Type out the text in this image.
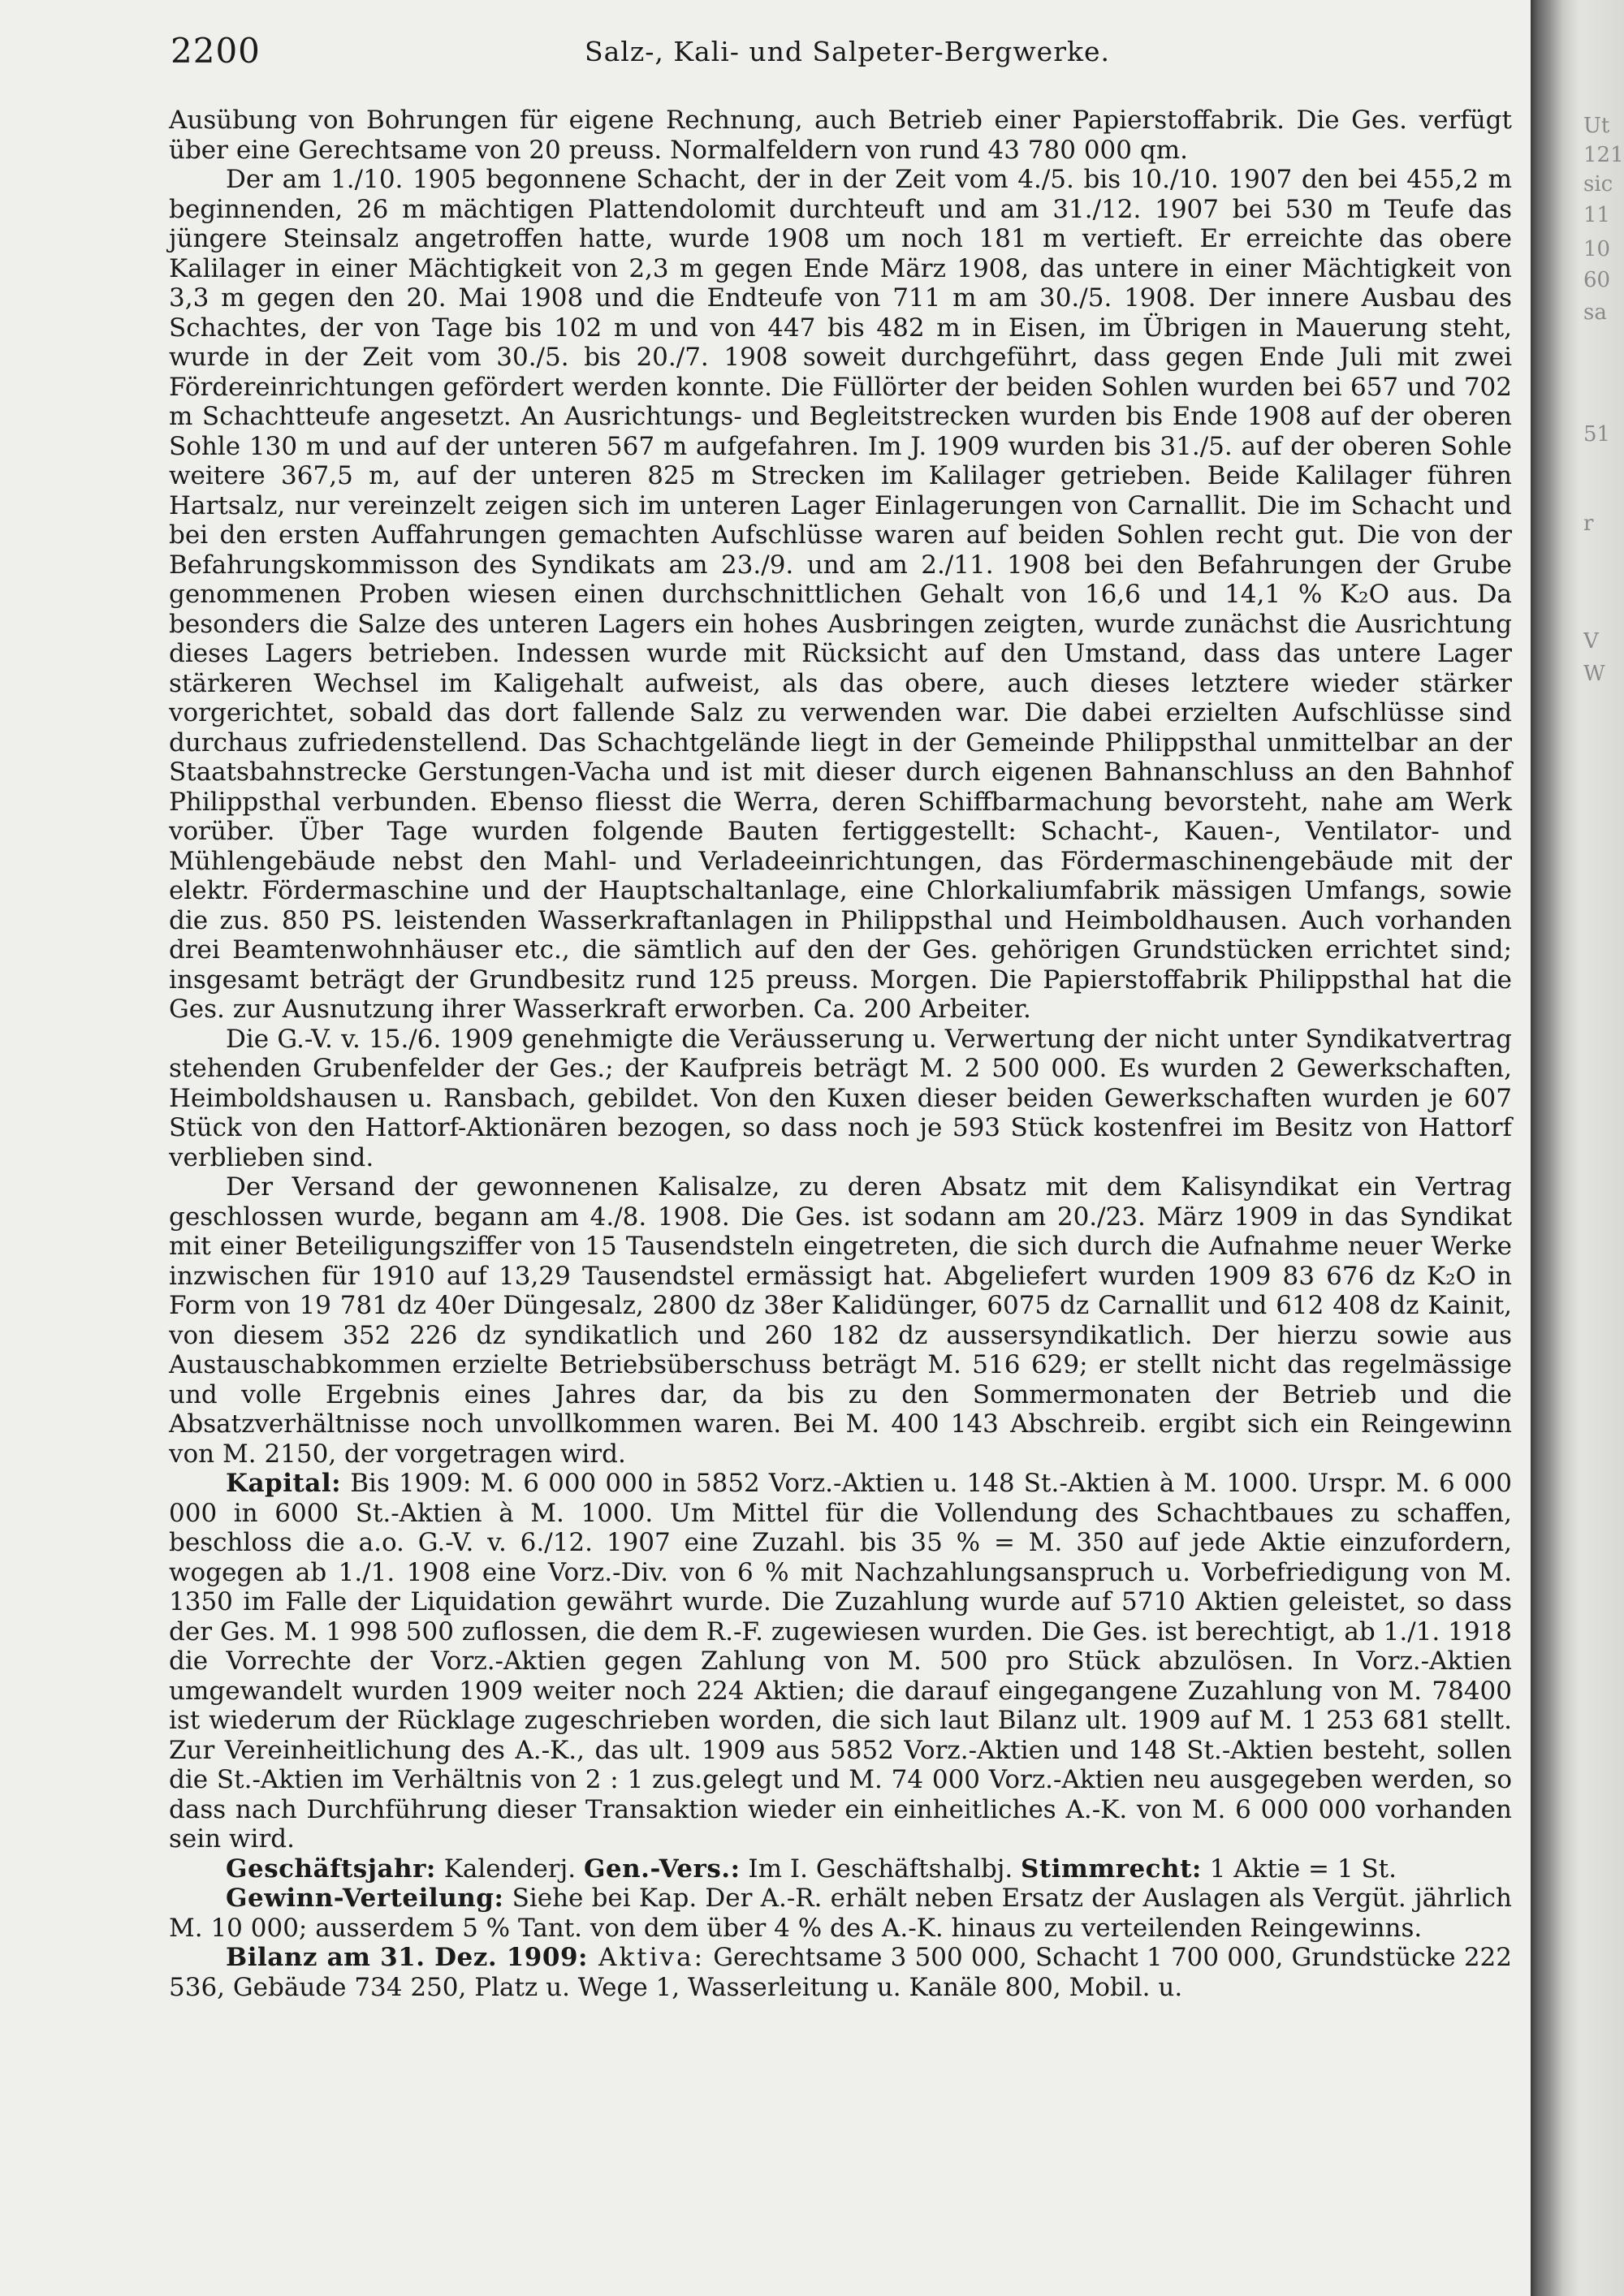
Ut
121
sic
11
10
60
sa
51
r
V
W
2200	Salz-, Kali- und Salpeter-Bergwerke.

Ausübung von Bohrungen für eigene Rechnung, auch Betrieb einer Papierstoffabrik. Die Ges. verfügt über eine Gerechtsame von 20 preuss. Normalfeldern von rund 43 780 000 qm.

Der am 1./10. 1905 begonnene Schacht, der in der Zeit vom 4./5. bis 10./10. 1907 den bei 455,2 m beginnenden, 26 m mächtigen Plattendolomit durchteuft und am 31./12. 1907 bei 530 m Teufe das jüngere Steinsalz angetroffen hatte, wurde 1908 um noch 181 m vertieft. Er erreichte das obere Kalilager in einer Mächtigkeit von 2,3 m gegen Ende März 1908, das untere in einer Mächtigkeit von 3,3 m gegen den 20. Mai 1908 und die Endteufe von 711 m am 30./5. 1908. Der innere Ausbau des Schachtes, der von Tage bis 102 m und von 447 bis 482 m in Eisen, im Übrigen in Mauerung steht, wurde in der Zeit vom 30./5. bis 20./7. 1908 soweit durchgeführt, dass gegen Ende Juli mit zwei Fördereinrichtungen gefördert werden konnte. Die Füllörter der beiden Sohlen wurden bei 657 und 702 m Schachtteufe angesetzt. An Ausrichtungs- und Begleitstrecken wurden bis Ende 1908 auf der oberen Sohle 130 m und auf der unteren 567 m aufgefahren. Im J. 1909 wurden bis 31./5. auf der oberen Sohle weitere 367,5 m, auf der unteren 825 m Strecken im Kalilager getrieben. Beide Kalilager führen Hartsalz, nur vereinzelt zeigen sich im unteren Lager Einlagerungen von Carnallit. Die im Schacht und bei den ersten Auffahrungen gemachten Aufschlüsse waren auf beiden Sohlen recht gut. Die von der Befahrungskommisson des Syndikats am 23./9. und am 2./11. 1908 bei den Befahrungen der Grube genommenen Proben wiesen einen durchschnittlichen Gehalt von 16,6 und 14,1 % K₂O aus. Da besonders die Salze des unteren Lagers ein hohes Ausbringen zeigten, wurde zunächst die Ausrichtung dieses Lagers betrieben. Indessen wurde mit Rücksicht auf den Umstand, dass das untere Lager stärkeren Wechsel im Kaligehalt aufweist, als das obere, auch dieses letztere wieder stärker vorgerichtet, sobald das dort fallende Salz zu verwenden war. Die dabei erzielten Aufschlüsse sind durchaus zufriedenstellend. Das Schachtgelände liegt in der Gemeinde Philippsthal unmittelbar an der Staatsbahnstrecke Gerstungen-Vacha und ist mit dieser durch eigenen Bahnanschluss an den Bahnhof Philippsthal verbunden. Ebenso fliesst die Werra, deren Schiffbarmachung bevorsteht, nahe am Werk vorüber. Über Tage wurden folgende Bauten fertiggestellt: Schacht-, Kauen-, Ventilator- und Mühlengebäude nebst den Mahl- und Verladeeinrichtungen, das Fördermaschinengebäude mit der elektr. Fördermaschine und der Hauptschaltanlage, eine Chlorkaliumfabrik mässigen Umfangs, sowie die zus. 850 PS. leistenden Wasserkraftanlagen in Philippsthal und Heimboldhausen. Auch vorhanden drei Beamtenwohnhäuser etc., die sämtlich auf den der Ges. gehörigen Grundstücken errichtet sind; insgesamt beträgt der Grundbesitz rund 125 preuss. Morgen. Die Papierstoffabrik Philippsthal hat die Ges. zur Ausnutzung ihrer Wasserkraft erworben. Ca. 200 Arbeiter.

Die G.-V. v. 15./6. 1909 genehmigte die Veräusserung u. Verwertung der nicht unter Syndikatvertrag stehenden Grubenfelder der Ges.; der Kaufpreis beträgt M. 2 500 000. Es wurden 2 Gewerkschaften, Heimboldshausen u. Ransbach, gebildet. Von den Kuxen dieser beiden Gewerkschaften wurden je 607 Stück von den Hattorf-Aktionären bezogen, so dass noch je 593 Stück kostenfrei im Besitz von Hattorf verblieben sind.

Der Versand der gewonnenen Kalisalze, zu deren Absatz mit dem Kalisyndikat ein Vertrag geschlossen wurde, begann am 4./8. 1908. Die Ges. ist sodann am 20./23. März 1909 in das Syndikat mit einer Beteiligungsziffer von 15 Tausendsteln eingetreten, die sich durch die Aufnahme neuer Werke inzwischen für 1910 auf 13,29 Tausendstel ermässigt hat. Abgeliefert wurden 1909 83 676 dz K₂O in Form von 19 781 dz 40er Düngesalz, 2800 dz 38er Kalidünger, 6075 dz Carnallit und 612 408 dz Kainit, von diesem 352 226 dz syndikatlich und 260 182 dz aussersyndikatlich. Der hierzu sowie aus Austauschabkommen erzielte Betriebsüberschuss beträgt M. 516 629; er stellt nicht das regelmässige und volle Ergebnis eines Jahres dar, da bis zu den Sommermonaten der Betrieb und die Absatzverhältnisse noch unvollkommen waren. Bei M. 400 143 Abschreib. ergibt sich ein Reingewinn von M. 2150, der vorgetragen wird.

Kapital: Bis 1909: M. 6 000 000 in 5852 Vorz.-Aktien u. 148 St.-Aktien à M. 1000. Urspr. M. 6 000 000 in 6000 St.-Aktien à M. 1000. Um Mittel für die Vollendung des Schachtbaues zu schaffen, beschloss die a.o. G.-V. v. 6./12. 1907 eine Zuzahl. bis 35 % = M. 350 auf jede Aktie einzufordern, wogegen ab 1./1. 1908 eine Vorz.-Div. von 6 % mit Nachzahlungsanspruch u. Vorbefriedigung von M. 1350 im Falle der Liquidation gewährt wurde. Die Zuzahlung wurde auf 5710 Aktien geleistet, so dass der Ges. M. 1 998 500 zuflossen, die dem R.-F. zugewiesen wurden. Die Ges. ist berechtigt, ab 1./1. 1918 die Vorrechte der Vorz.-Aktien gegen Zahlung von M. 500 pro Stück abzulösen. In Vorz.-Aktien umgewandelt wurden 1909 weiter noch 224 Aktien; die darauf eingegangene Zuzahlung von M. 78400 ist wiederum der Rücklage zugeschrieben worden, die sich laut Bilanz ult. 1909 auf M. 1 253 681 stellt. Zur Vereinheitlichung des A.-K., das ult. 1909 aus 5852 Vorz.-Aktien und 148 St.-Aktien besteht, sollen die St.-Aktien im Verhältnis von 2 : 1 zus.gelegt und M. 74 000 Vorz.-Aktien neu ausgegeben werden, so dass nach Durchführung dieser Transaktion wieder ein einheitliches A.-K. von M. 6 000 000 vorhanden sein wird.

Geschäftsjahr: Kalenderj. Gen.-Vers.: Im I. Geschäftshalbj. Stimmrecht: 1 Aktie = 1 St.

Gewinn-Verteilung: Siehe bei Kap. Der A.-R. erhält neben Ersatz der Auslagen als Vergüt. jährlich M. 10 000; ausserdem 5 % Tant. von dem über 4 % des A.-K. hinaus zu verteilenden Reingewinns.

Bilanz am 31. Dez. 1909: Aktiva: Gerechtsame 3 500 000, Schacht 1 700 000, Grundstücke 222 536, Gebäude 734 250, Platz u. Wege 1, Wasserleitung u. Kanäle 800, Mobil. u.
